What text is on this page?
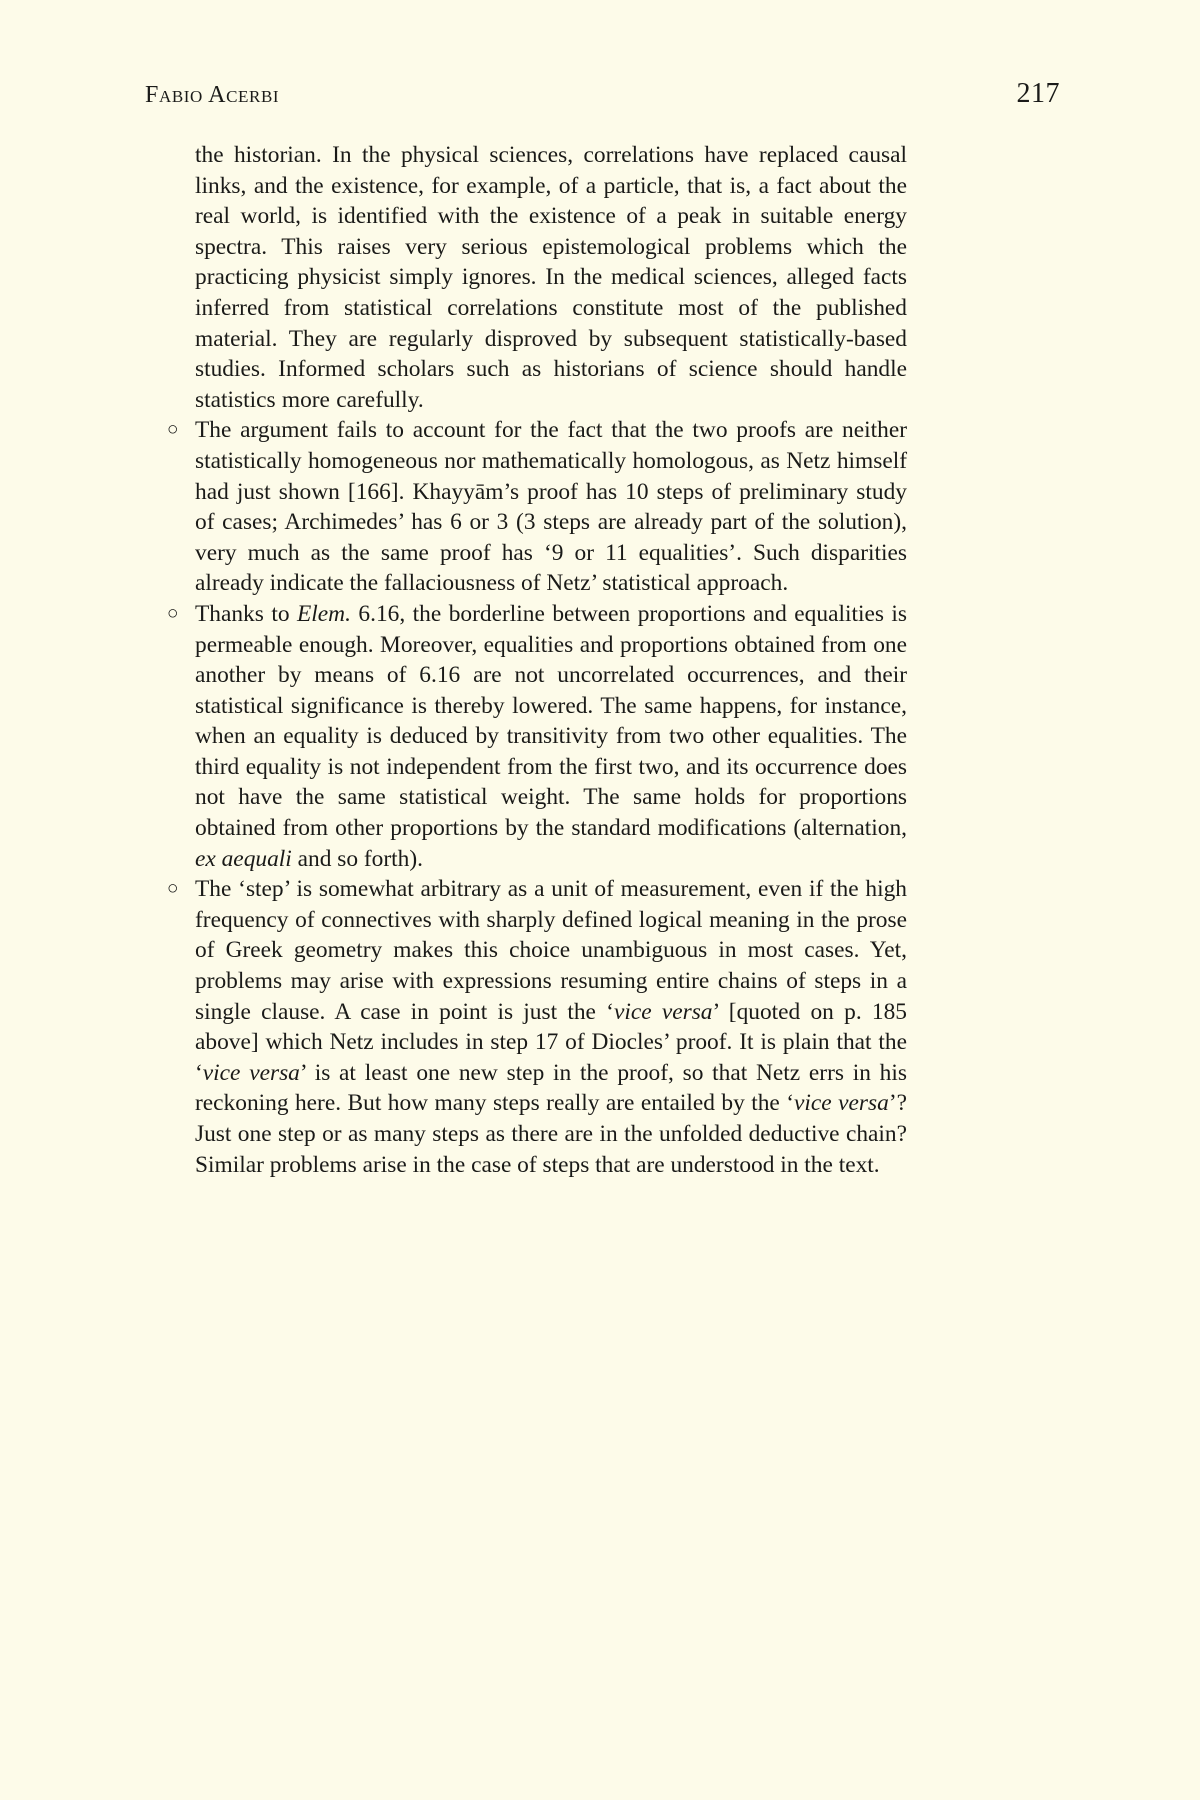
Fabio Acerbi	217

the historian. In the physical sciences, correlations have replaced causal links, and the existence, for example, of a particle, that is, a fact about the real world, is identified with the existence of a peak in suitable energy spectra. This raises very serious epistemological problems which the practicing physicist simply ignores. In the medical sciences, alleged facts inferred from statistical correlations constitute most of the published material. They are regularly disproved by subsequent statistically-based studies. Informed scholars such as historians of science should handle statistics more carefully.

○ The argument fails to account for the fact that the two proofs are neither statistically homogeneous nor mathematically homologous, as Netz himself had just shown [166]. Khayyām’s proof has 10 steps of preliminary study of cases; Archimedes’ has 6 or 3 (3 steps are already part of the solution), very much as the same proof has ‘9 or 11 equalities’. Such disparities already indicate the fallaciousness of Netz’ statistical approach.
○ Thanks to Elem. 6.16, the borderline between proportions and equalities is permeable enough. Moreover, equalities and proportions obtained from one another by means of 6.16 are not uncorrelated occurrences, and their statistical significance is thereby lowered. The same happens, for instance, when an equality is deduced by transitivity from two other equalities. The third equality is not independent from the first two, and its occurrence does not have the same statistical weight. The same holds for proportions obtained from other proportions by the standard modifications (alternation, ex aequali and so forth).
○ The ‘step’ is somewhat arbitrary as a unit of measurement, even if the high frequency of connectives with sharply defined logical meaning in the prose of Greek geometry makes this choice unambiguous in most cases. Yet, problems may arise with expressions resuming entire chains of steps in a single clause. A case in point is just the ‘vice versa’ [quoted on p. 185 above] which Netz includes in step 17 of Diocles’ proof. It is plain that the ‘vice versa’ is at least one new step in the proof, so that Netz errs in his reckoning here. But how many steps really are entailed by the ‘vice versa’? Just one step or as many steps as there are in the unfolded deductive chain? Similar problems arise in the case of steps that are understood in the text.
